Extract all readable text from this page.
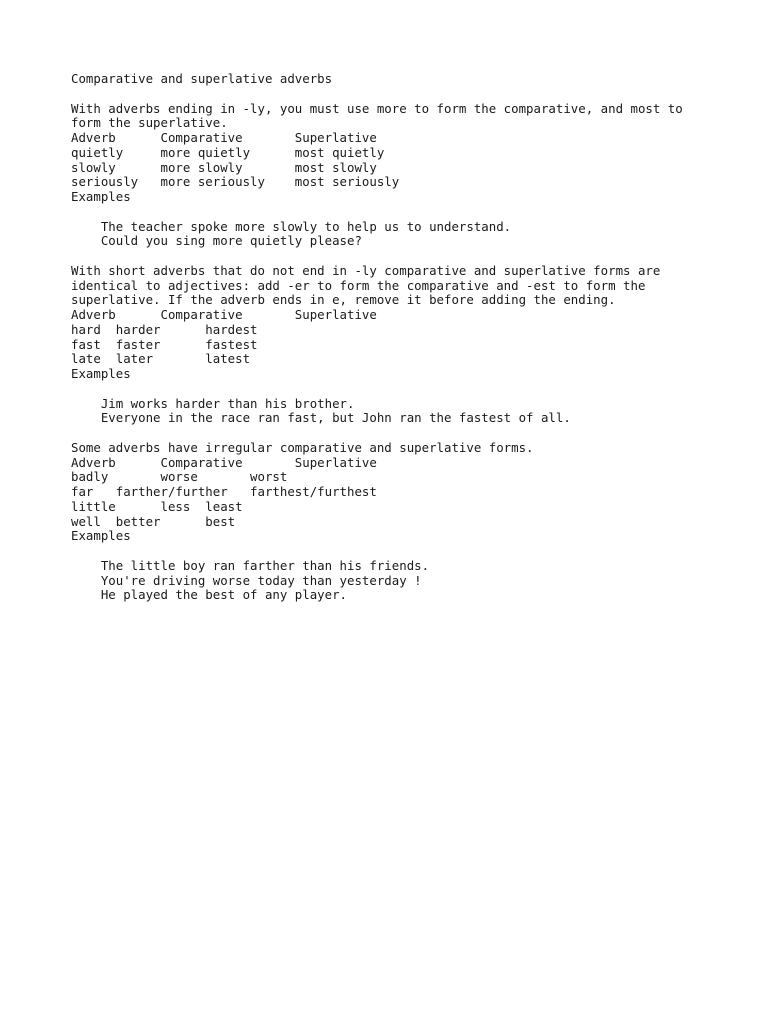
Comparative and superlative adverbs
With adverbs ending in -ly, you must use more to form the comparative, and most to
form the superlative.
Adverb      Comparative       Superlative
quietly     more quietly      most quietly
slowly      more slowly       most slowly
seriously   more seriously    most seriously
Examples
The teacher spoke more slowly to help us to understand.
Could you sing more quietly please?
With short adverbs that do not end in -ly comparative and superlative forms are
identical to adjectives: add -er to form the comparative and -est to form the
superlative. If the adverb ends in e, remove it before adding the ending.
Adverb      Comparative       Superlative
hard  harder      hardest
fast  faster      fastest
late  later       latest
Examples
Jim works harder than his brother.
Everyone in the race ran fast, but John ran the fastest of all.
Some adverbs have irregular comparative and superlative forms.
Adverb      Comparative       Superlative
badly       worse       worst
far   farther/further   farthest/furthest
little      less  least
well  better      best
Examples
The little boy ran farther than his friends.
You're driving worse today than yesterday !
He played the best of any player.
